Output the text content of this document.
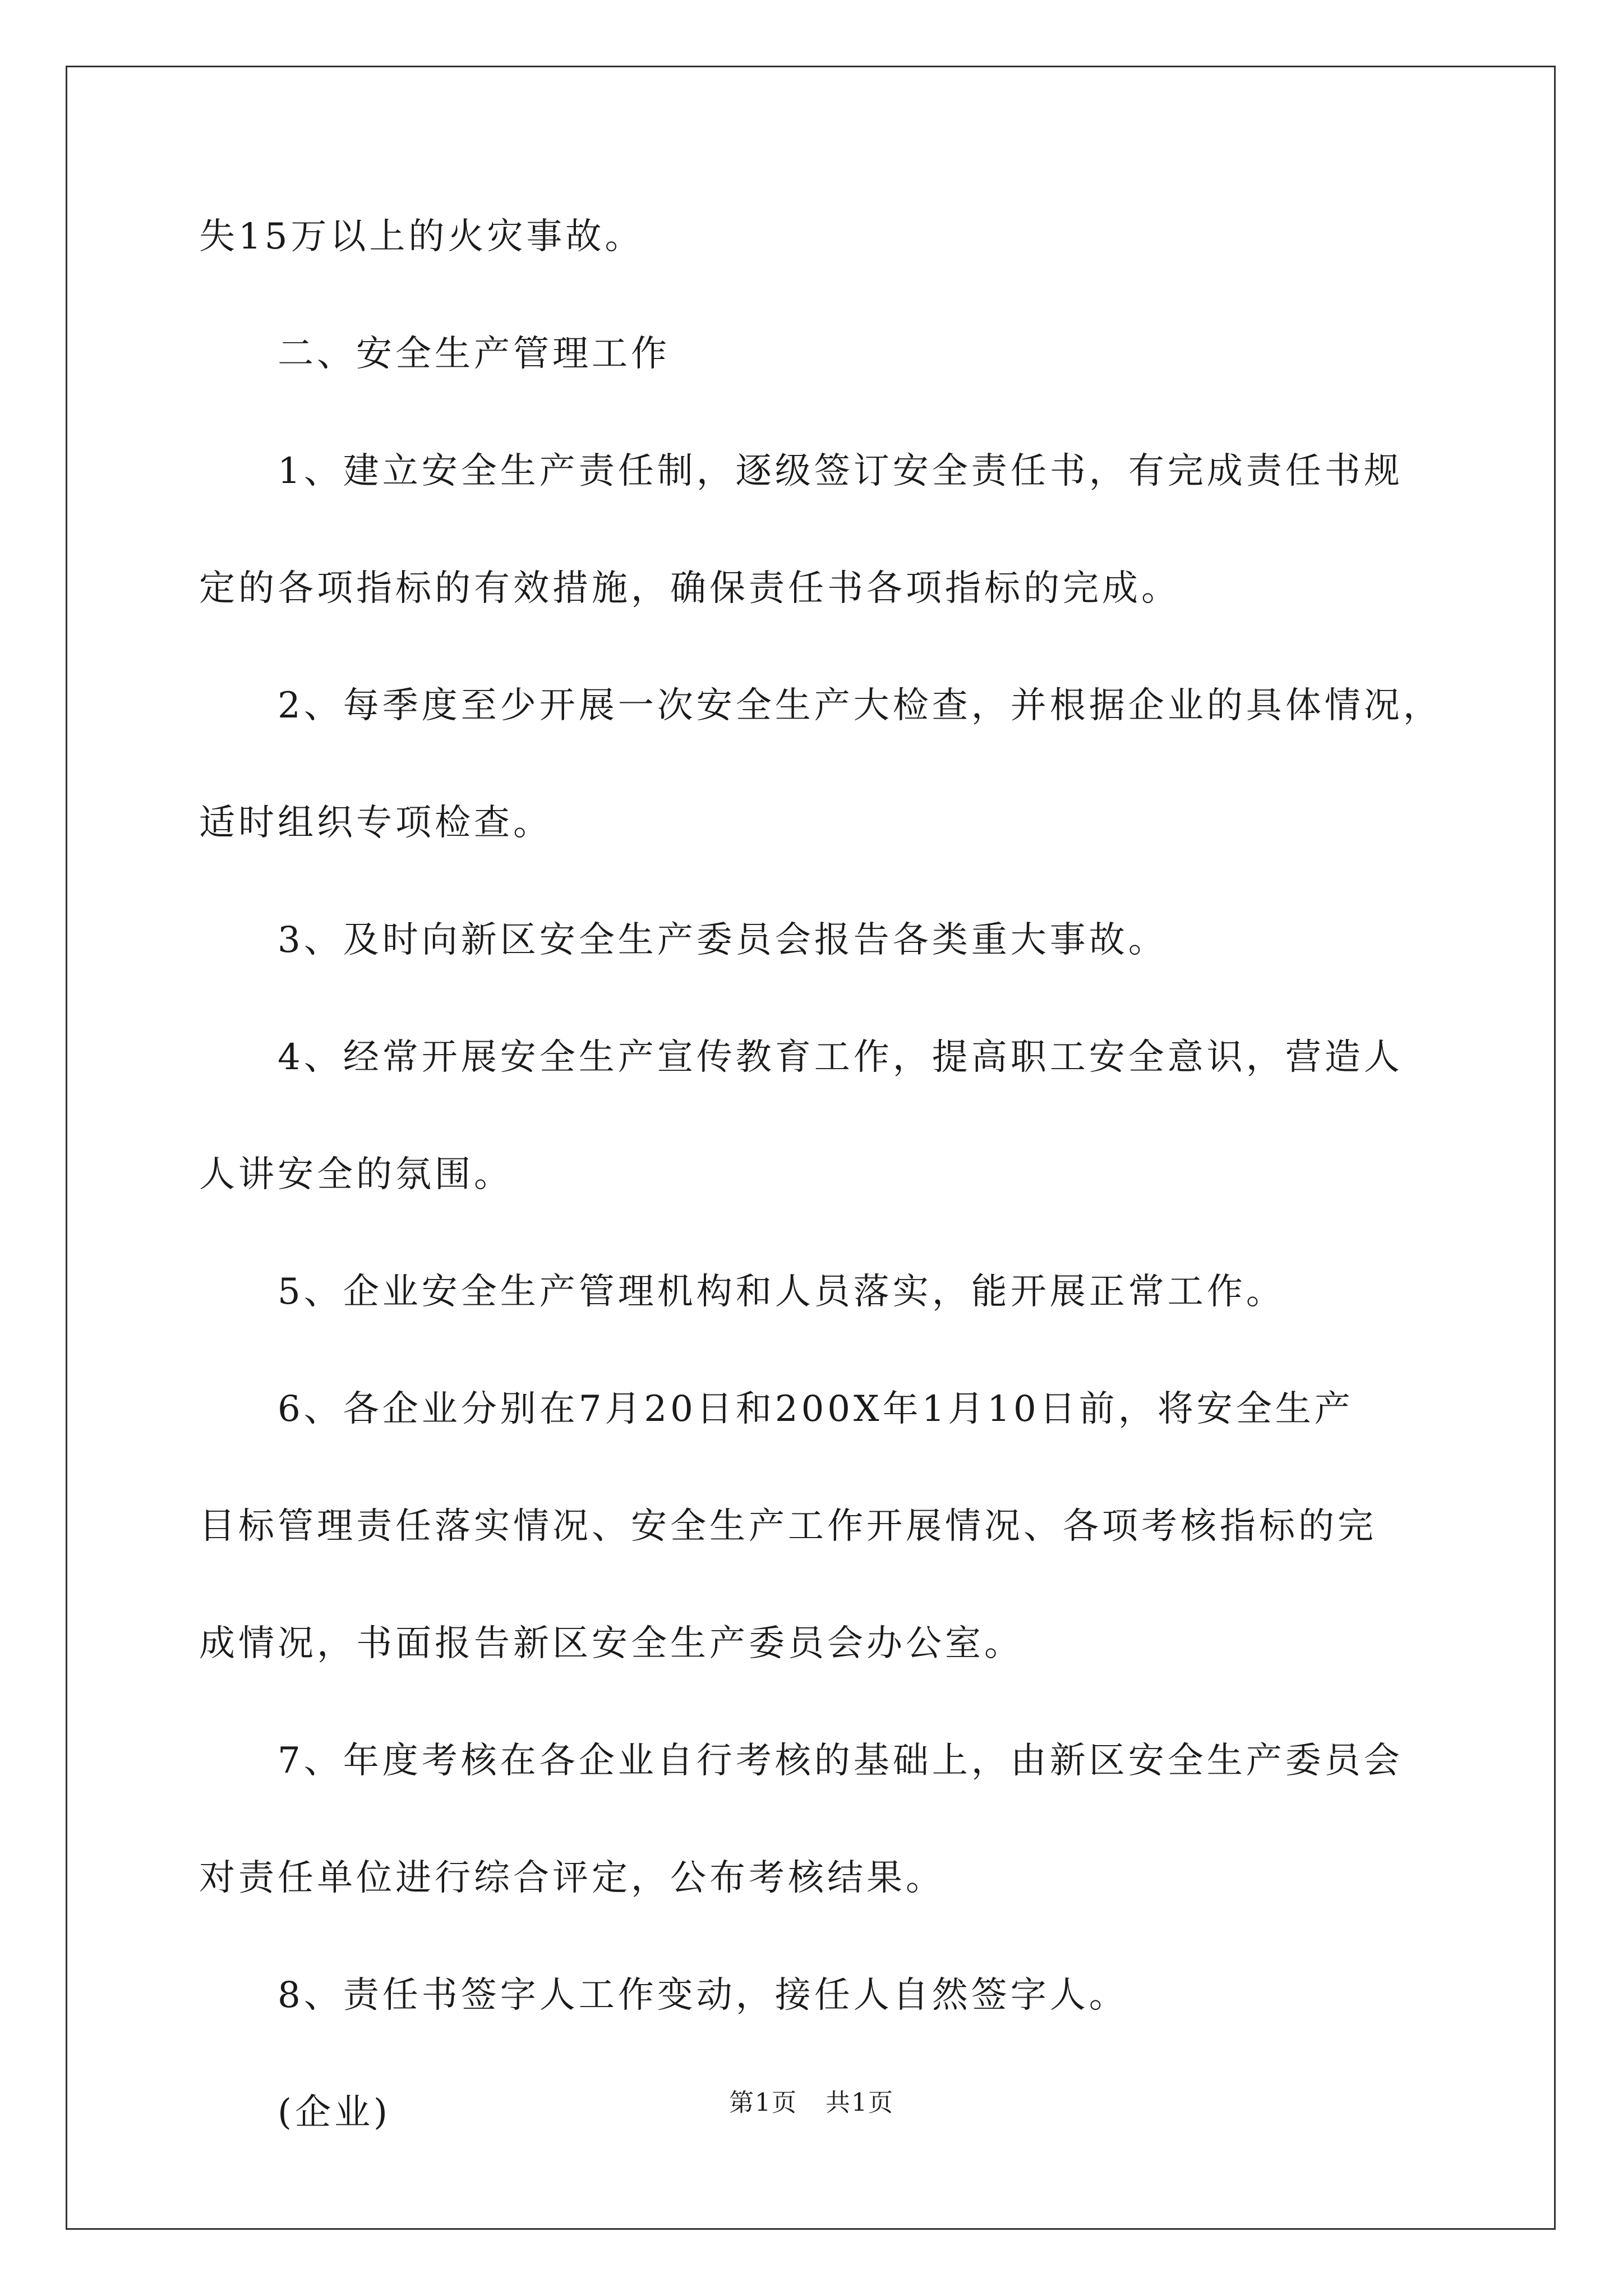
失15万以上的火灾事故。
二、安全生产管理工作
1、建立安全生产责任制，逐级签订安全责任书，有完成责任书规
定的各项指标的有效措施，确保责任书各项指标的完成。
2、每季度至少开展一次安全生产大检查，并根据企业的具体情况，
适时组织专项检查。
3、及时向新区安全生产委员会报告各类重大事故。
4、经常开展安全生产宣传教育工作，提高职工安全意识，营造人
人讲安全的氛围。
5、企业安全生产管理机构和人员落实，能开展正常工作。
6、各企业分别在7月20日和200X年1月10日前，将安全生产
目标管理责任落实情况、安全生产工作开展情况、各项考核指标的完
成情况，书面报告新区安全生产委员会办公室。
7、年度考核在各企业自行考核的基础上，由新区安全生产委员会
对责任单位进行综合评定，公布考核结果。
8、责任书签字人工作变动，接任人自然签字人。
(企业)	第1页 共1页
